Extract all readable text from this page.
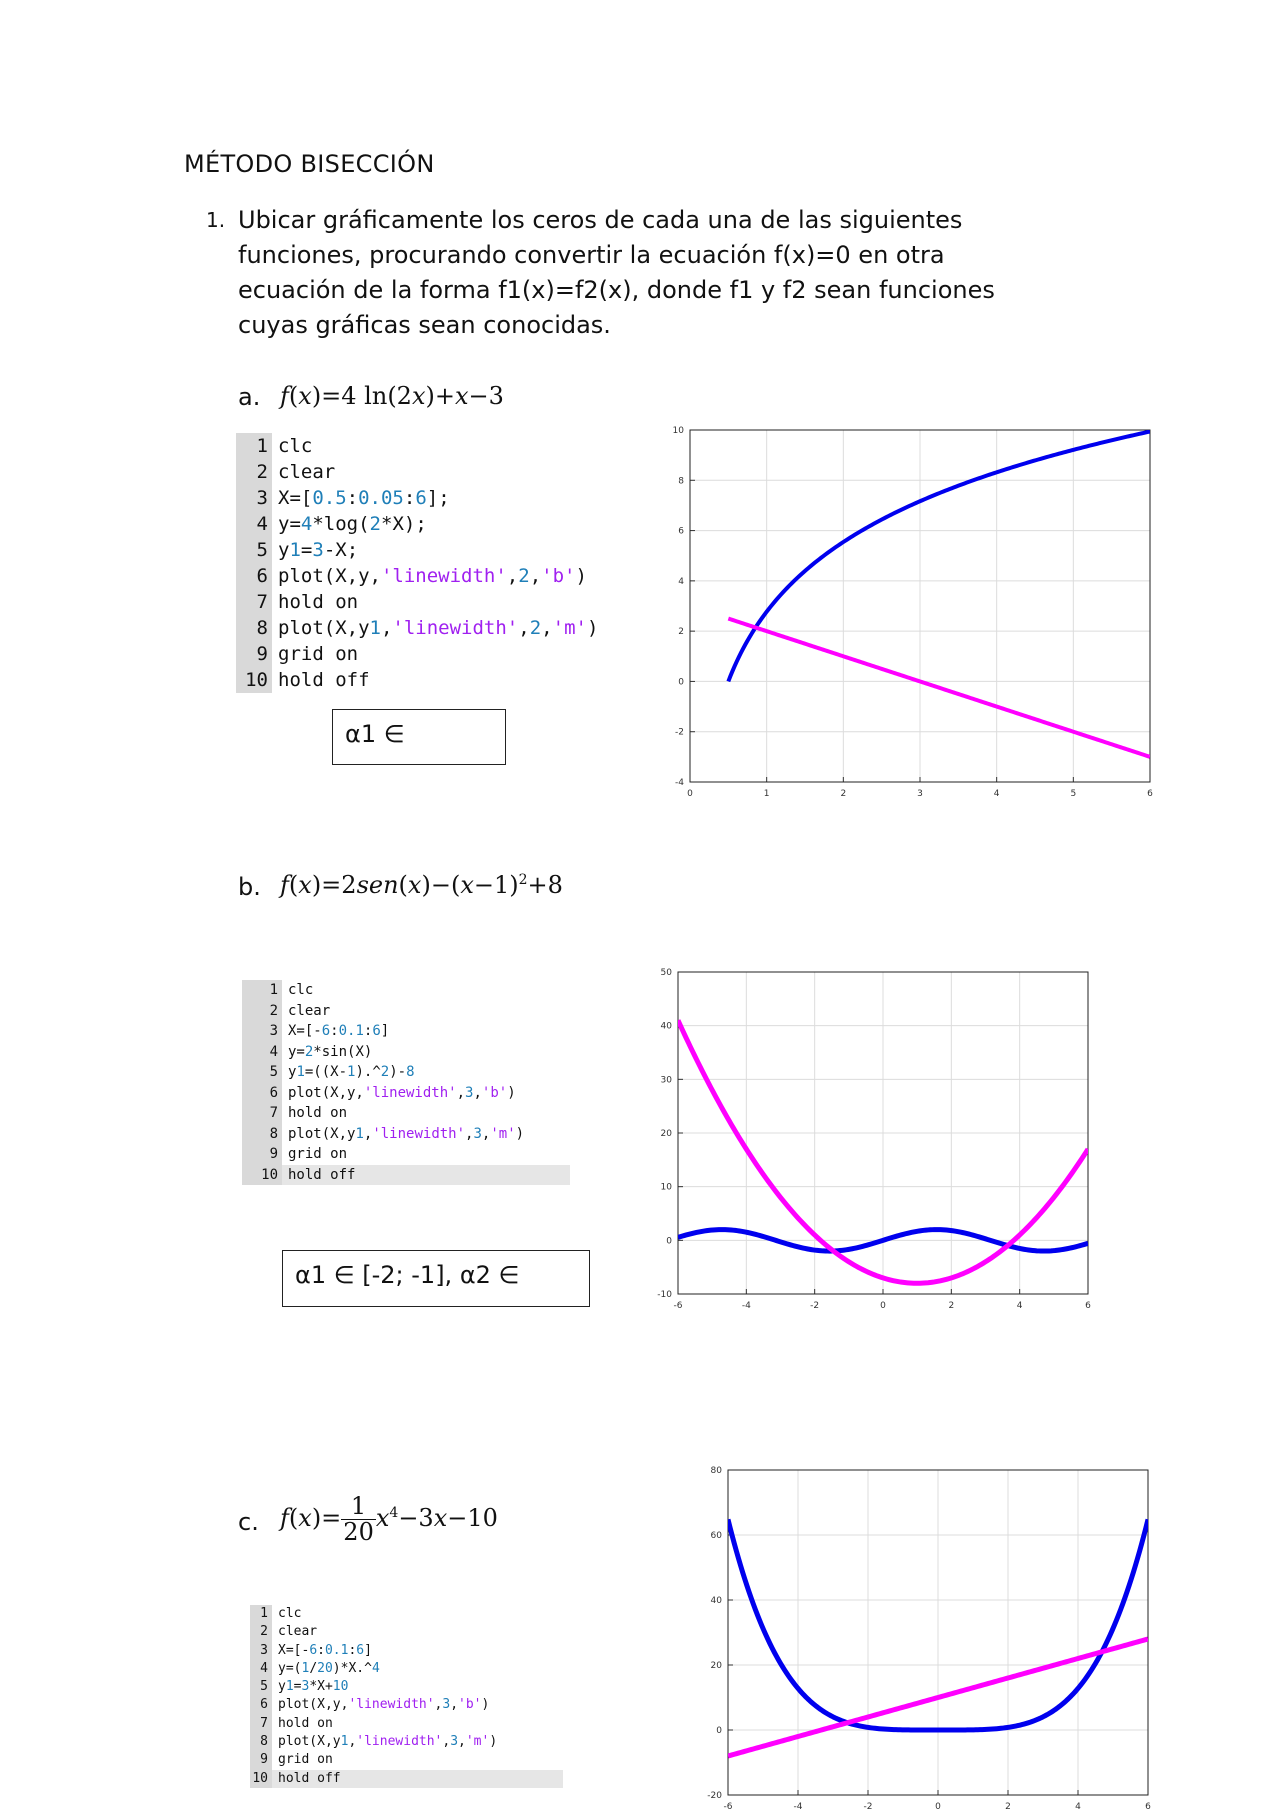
MÉTODO BISECCIÓN
1. Ubicar gráficamente los ceros de cada una de las siguientes
funciones, procurando convertir la ecuación f(x)=0 en otra
ecuación de la forma f1(x)=f2(x), donde f1 y f2 sean funciones
cuyas gráficas sean conocidas.
a. f(x)=4 ln(2x)+x−3
1 clc
2 clear
3 X=[0.5:0.05:6];
4 y=4*log(2*X);
5 y1=3-X;
6 plot(X,y,'linewidth',2,'b')
7 hold on
8 plot(X,y1,'linewidth',2,'m')
9 grid on
10 hold off
α1 ∈
0	1	2	3	4	5	6
-4
-2
0
2
4
6
8
10
b. $f(x)=2sen(x)-(x-1)^2+8$
1 clc
2 clear
3 X=[-6:0.1:6]
4 y=2*sin(X)
5 y1=((X-1).^2)-8
6 plot(X,y,'linewidth',3,'b')
7 hold on
8 plot(X,y1,'linewidth',3,'m')
9 grid on
10 hold off
α1 ∈ [-2; -1], α2 ∈
-6	-4	-2	0	2	4	6
-10
0
10
20
30
40
50
c. $f(x)= \frac{1}{20} x^4-3x-10$
1 clc
2 clear
3 X=[-6:0.1:6]
4 y=(1/20)*X.^4
5 y1=3*X+10
6 plot(X,y,'linewidth',3,'b')
7 hold on
8 plot(X,y1,'linewidth',3,'m')
9 grid on
10 hold off
-6	-4	-2	0	2	4	6
-20
0
20
40
60
80
